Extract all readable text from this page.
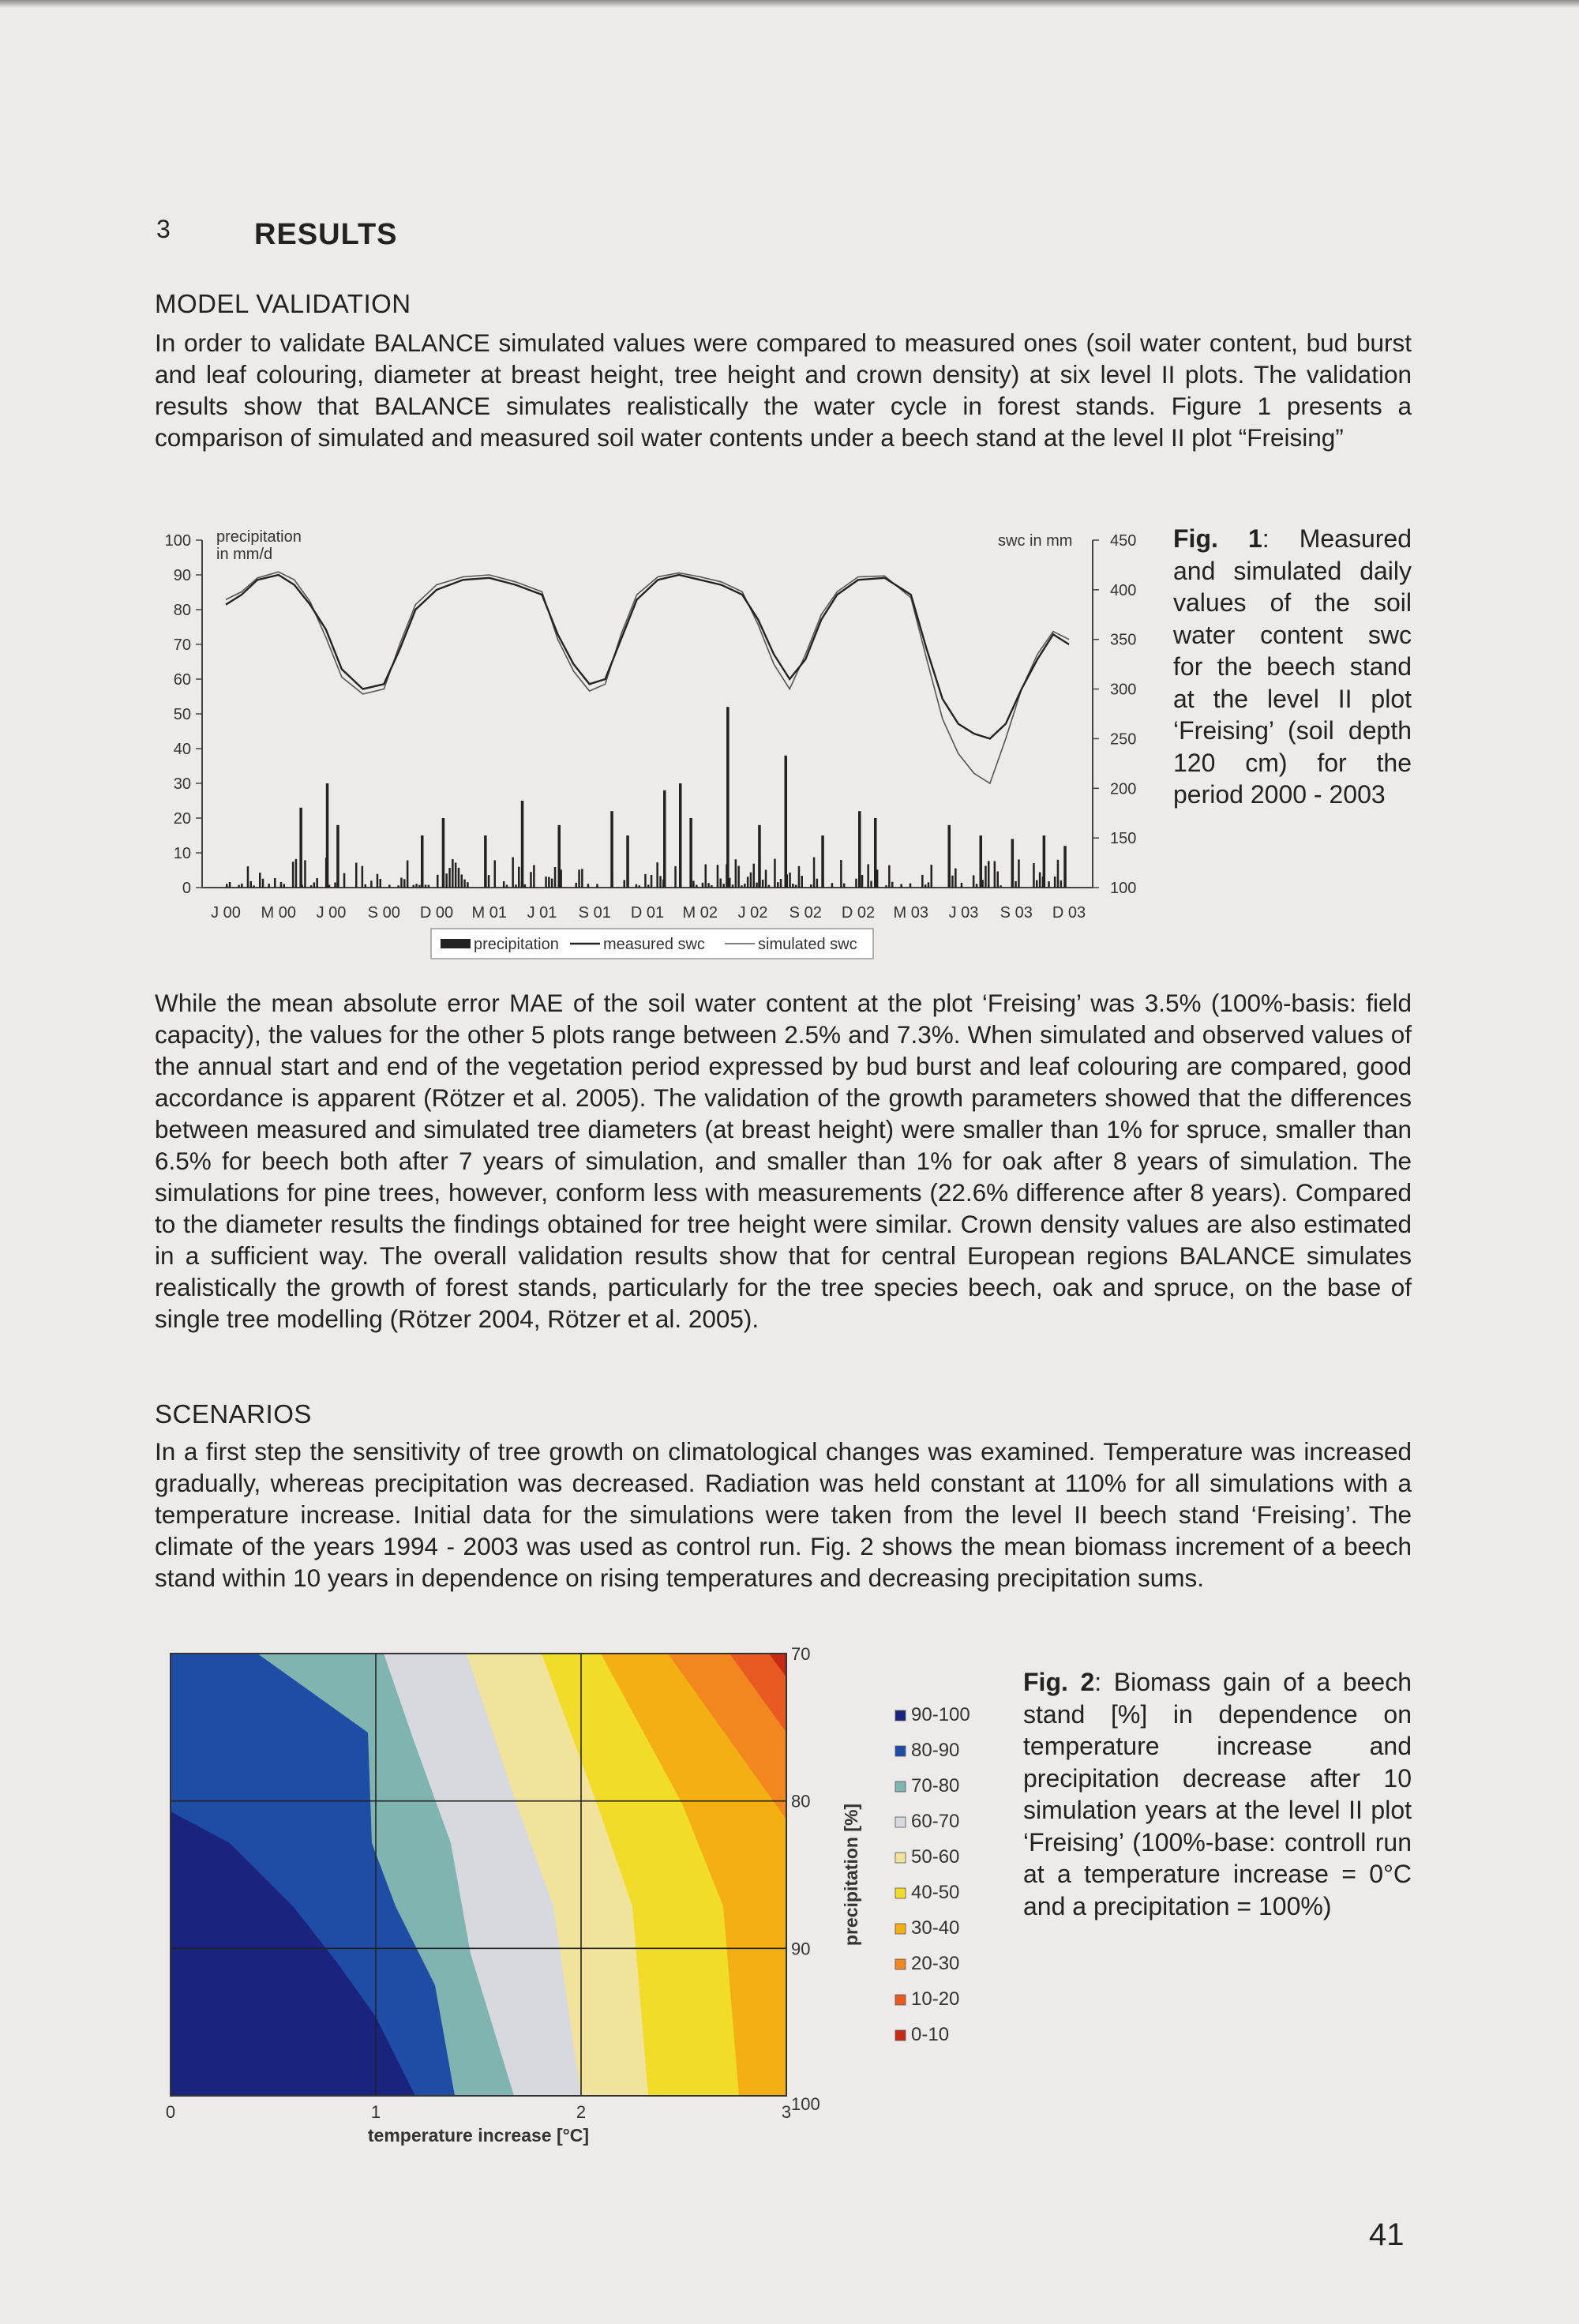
3	RESULTS
MODEL VALIDATION

In order to validate BALANCE simulated values were compared to measured ones (soil water content, bud burst and leaf colouring, diameter at breast height, tree height and crown density) at six level II plots. The validation results show that BALANCE simulates realistically the water cycle in forest stands. Figure 1 presents a comparison of simulated and measured soil water contents under a beech stand at the level II plot “Freising”

100
90
80
70
60
50
40
30
20
10
0
450
400
350
300
250
200
150
100
precipitation
in mm/d
swc in mm
J 00 M 00 J 00 S 00 D 00 M 01 J 01 S 01 D 01 M 02 J 02 S 02 D 02 M 03 J 03 S 03 D 03
precipitation	measured swc	simulated swc

Fig. 1: Measured and simulated daily values of the soil water content swc for the beech stand at the level II plot ‘Freising’ (soil depth 120 cm) for the period 2000 - 2003

While the mean absolute error MAE of the soil water content at the plot ‘Freising’ was 3.5% (100%-basis: field capacity), the values for the other 5 plots range between 2.5% and 7.3%. When simulated and observed values of the annual start and end of the vegetation period expressed by bud burst and leaf colouring are compared, good accordance is apparent (Rötzer et al. 2005). The validation of the growth parameters showed that the differences between measured and simulated tree diameters (at breast height) were smaller than 1% for spruce, smaller than 6.5% for beech both after 7 years of simulation, and smaller than 1% for oak after 8 years of simulation. The simulations for pine trees, however, conform less with measurements (22.6% difference after 8 years). Compared to the diameter results the findings obtained for tree height were similar. Crown density values are also estimated in a sufficient way. The overall validation results show that for central European regions BALANCE simulates realistically the growth of forest stands, particularly for the tree species beech, oak and spruce, on the base of single tree modelling (Rötzer 2004, Rötzer et al. 2005).

SCENARIOS

In a first step the sensitivity of tree growth on climatological changes was examined. Temperature was increased gradually, whereas precipitation was decreased. Radiation was held constant at 110% for all simulations with a temperature increase. Initial data for the simulations were taken from the level II beech stand ‘Freising’. The climate of the years 1994 - 2003 was used as control run. Fig. 2 shows the mean biomass increment of a beech stand within 10 years in dependence on rising temperatures and decreasing precipitation sums.

0	1	2	3
70
80
90
100
temperature increase [°C]
precipitation [%]
90-100
80-90
70-80
60-70
50-60
40-50
30-40
20-30
10-20
0-10

Fig. 2: Biomass gain of a beech stand [%] in dependence on temperature increase and precipitation decrease after 10 simulation years at the level II plot ‘Freising’ (100%-base: controll run at a temperature increase = 0°C and a precipitation = 100%)

41
